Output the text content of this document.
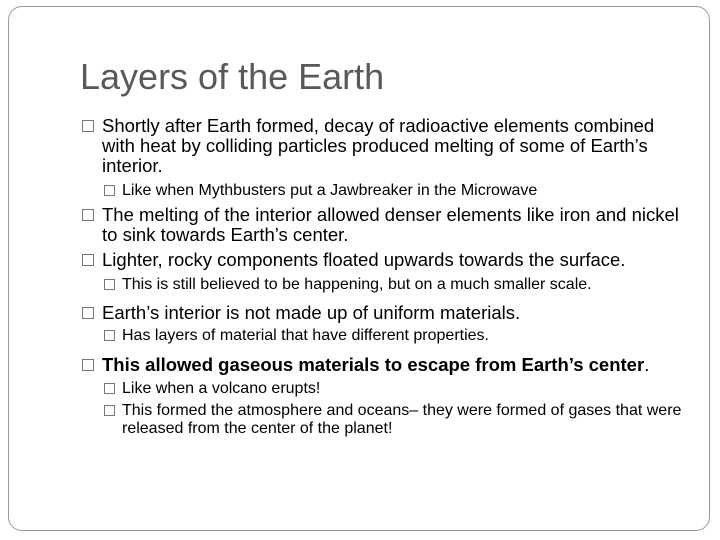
Layers of the Earth
Shortly after Earth formed, decay of radioactive elements combined with heat by colliding particles produced melting of some of Earth’s interior.
Like when Mythbusters put a Jawbreaker in the Microwave
The melting of the interior allowed denser elements like iron and nickel to sink towards Earth’s center.
Lighter, rocky components floated upwards towards the surface.
This is still believed to be happening, but on a much smaller scale.
Earth’s interior is not made up of uniform materials.
Has layers of material that have different properties.
This allowed gaseous materials to escape from Earth’s center.
Like when a volcano erupts!
This formed the atmosphere and oceans– they were formed of gases that were released from the center of the planet!
